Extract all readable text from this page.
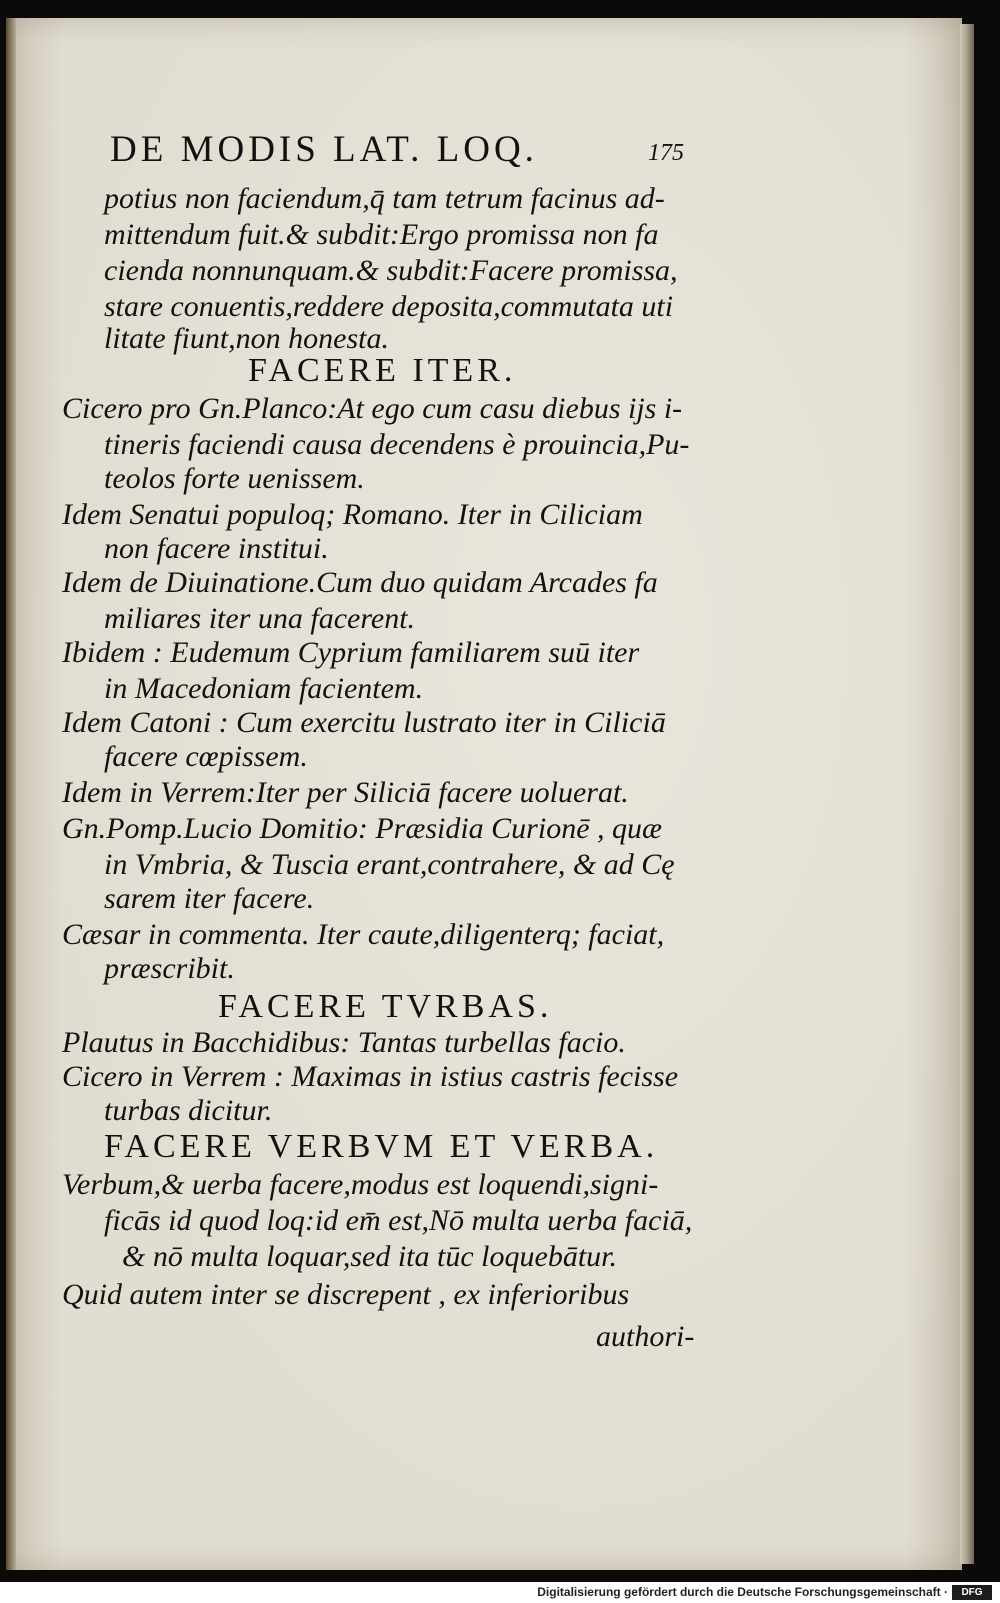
DE MODIS LAT. LOQ.	175
potius non faciendum,q̄ tam tetrum facinus ad-
mittendum fuit.& subdit:Ergo promissa non fa
cienda nonnunquam.& subdit:Facere promissa,
stare conuentis,reddere deposita,commutata uti
litate fiunt,non honesta.
FACERE ITER.
Cicero pro Gn.Planco:At ego cum casu diebus ijs i-
tineris faciendi causa decendens è prouincia,Pu-
teolos forte uenissem.
Idem Senatui populoq; Romano. Iter in Ciliciam
non facere institui.
Idem de Diuinatione.Cum duo quidam Arcades fa
miliares iter una facerent.
Ibidem : Eudemum Cyprium familiarem suū iter
in Macedoniam facientem.
Idem Catoni : Cum exercitu lustrato iter in Ciliciā
facere cœpissem.
Idem in Verrem:Iter per Siliciā facere uoluerat.
Gn.Pomp.Lucio Domitio: Præsidia Curionē , quæ
in Vmbria, & Tuscia erant,contrahere, & ad Cę
sarem iter facere.
Cæsar in commenta. Iter caute,diligenterq; faciat,
præscribit.
FACERE TVRBAS.
Plautus in Bacchidibus: Tantas turbellas facio.
Cicero in Verrem : Maximas in istius castris fecisse
turbas dicitur.
FACERE VERBVM ET VERBA.
Verbum,& uerba facere,modus est loquendi,signi-
ficās id quod loq:id em̄ est,Nō multa uerba faciā,
& nō multa loquar,sed ita tūc loquebātur.
Quid autem inter se discrepent , ex inferioribus
authori-
Digitalisierung gefördert durch die Deutsche Forschungsgemeinschaft ·	DFG
